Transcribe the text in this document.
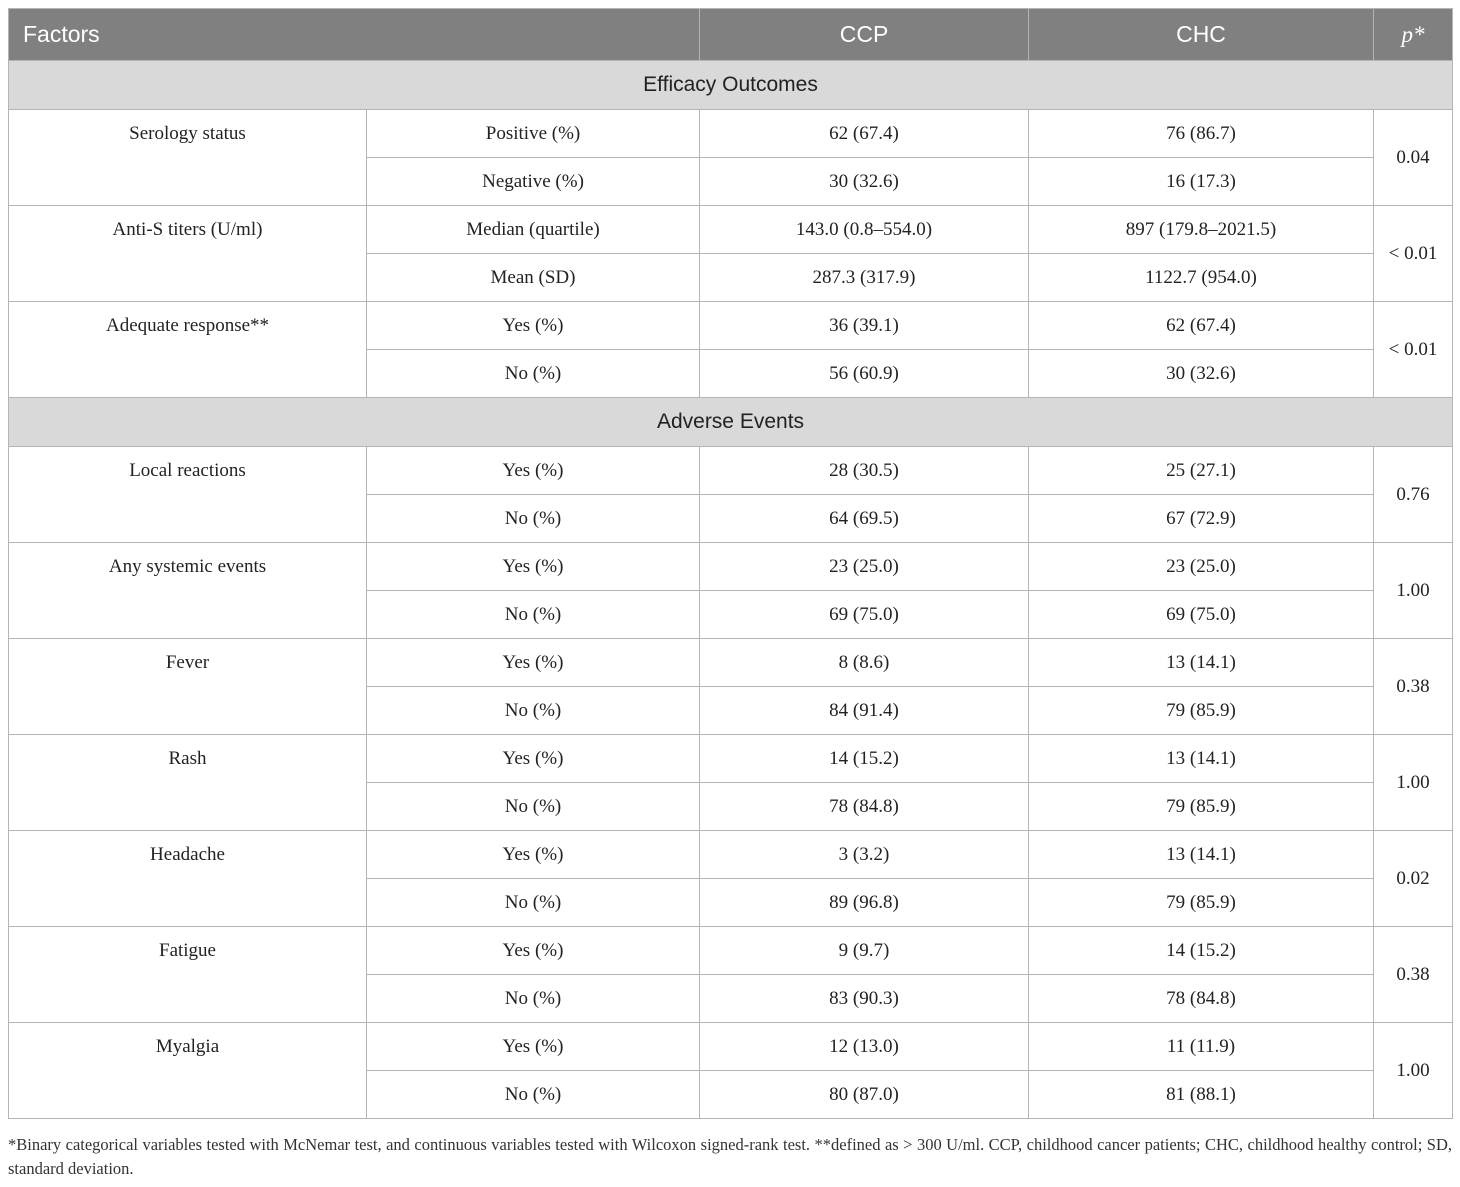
Factors		CCP	CHC	p*
Efficacy Outcomes				
Serology status	Positive (%)	62 (67.4)	76 (86.7)	0.04
	Negative (%)	30 (32.6)	16 (17.3)	
Anti-S titers (U/ml)	Median (quartile)	143.0 (0.8–554.0)	897 (179.8–2021.5)	< 0.01
	Mean (SD)	287.3 (317.9)	1122.7 (954.0)	
Adequate response**	Yes (%)	36 (39.1)	62 (67.4)	< 0.01
	No (%)	56 (60.9)	30 (32.6)	
Adverse Events				
Local reactions	Yes (%)	28 (30.5)	25 (27.1)	0.76
	No (%)	64 (69.5)	67 (72.9)	
Any systemic events	Yes (%)	23 (25.0)	23 (25.0)	1.00
	No (%)	69 (75.0)	69 (75.0)	
Fever	Yes (%)	8 (8.6)	13 (14.1)	0.38
	No (%)	84 (91.4)	79 (85.9)	
Rash	Yes (%)	14 (15.2)	13 (14.1)	1.00
	No (%)	78 (84.8)	79 (85.9)	
Headache	Yes (%)	3 (3.2)	13 (14.1)	0.02
	No (%)	89 (96.8)	79 (85.9)	
Fatigue	Yes (%)	9 (9.7)	14 (15.2)	0.38
	No (%)	83 (90.3)	78 (84.8)	
Myalgia	Yes (%)	12 (13.0)	11 (11.9)	1.00
	No (%)	80 (87.0)	81 (88.1)	

*Binary categorical variables tested with McNemar test, and continuous variables tested with Wilcoxon signed-rank test. **defined as > 300 U/ml. CCP, childhood cancer patients; CHC, childhood healthy control; SD, standard deviation.
